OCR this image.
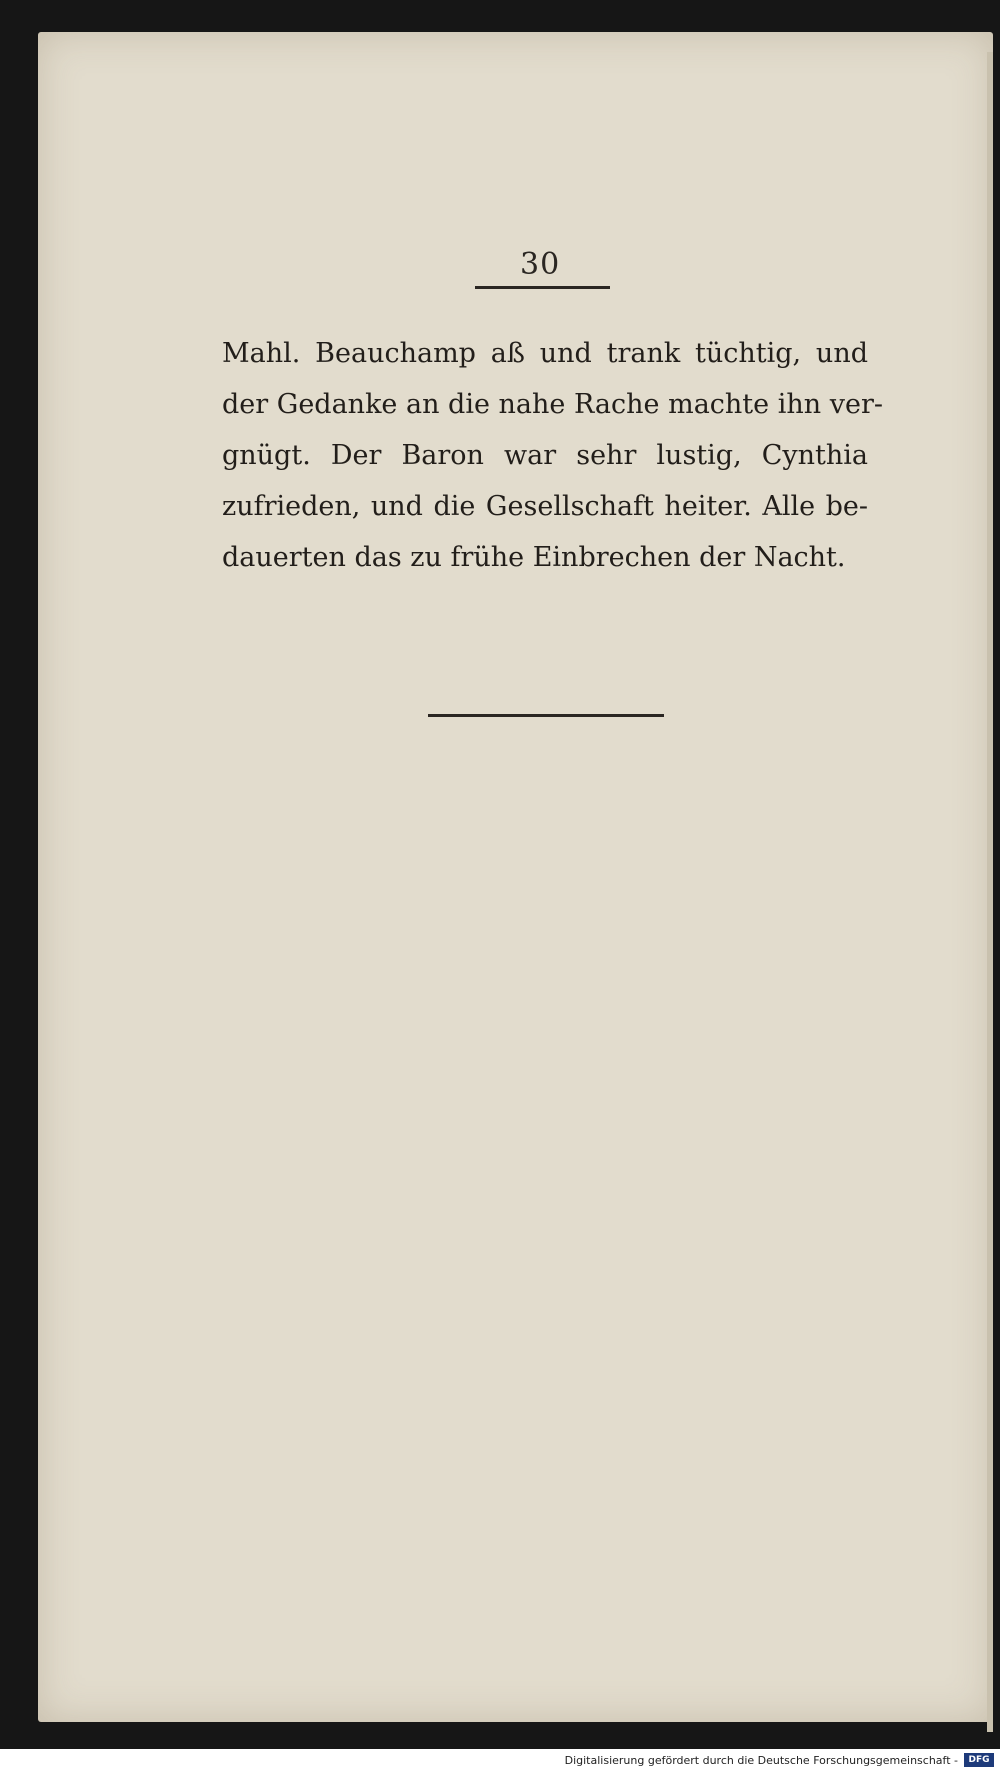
30
Mahl. Beauchamp aß und trank tüchtig, und
der Gedanke an die nahe Rache machte ihn ver-
gnügt. Der Baron war sehr lustig, Cynthia
zufrieden, und die Gesellschaft heiter. Alle be-
dauerten das zu frühe Einbrechen der Nacht.
Digitalisierung gefördert durch die Deutsche Forschungsgemeinschaft -	DFG
